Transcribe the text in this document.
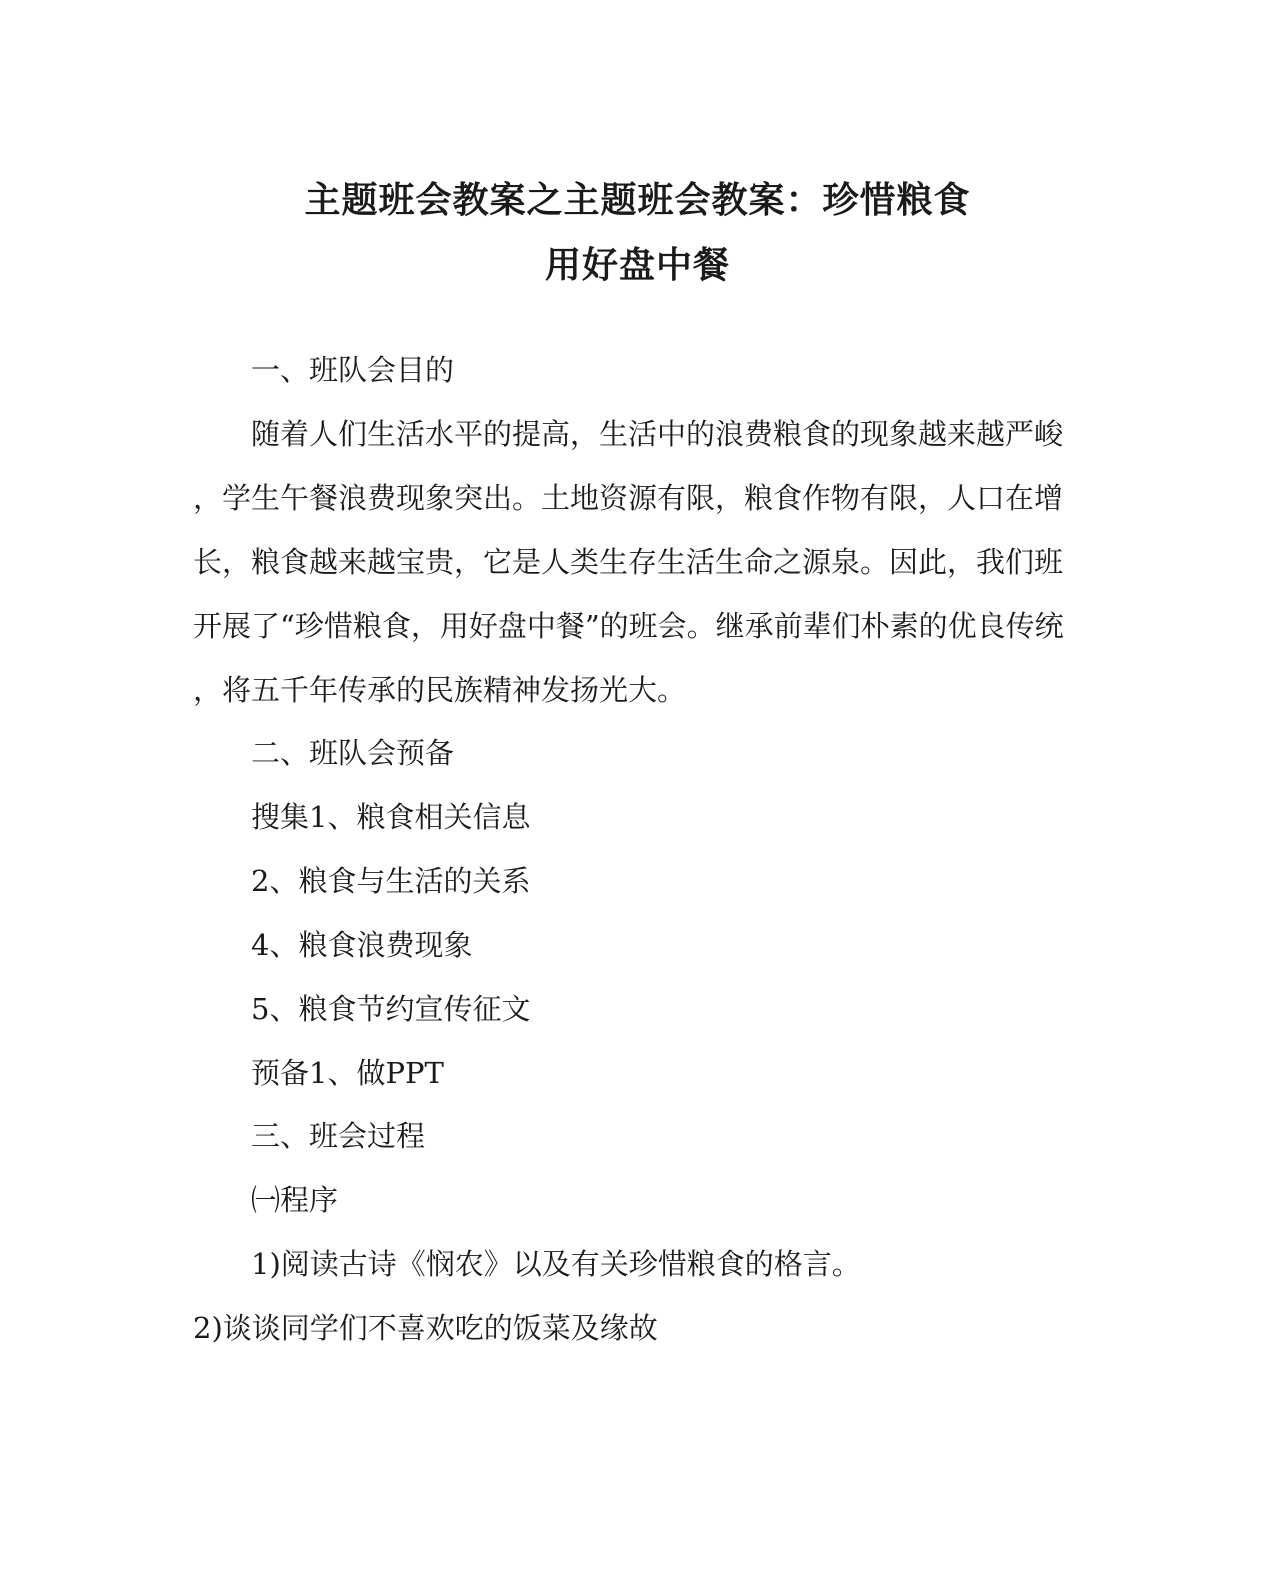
主题班会教案之主题班会教案：珍惜粮食
用好盘中餐
一、班队会目的
随着人们生活水平的提高，生活中的浪费粮食的现象越来越严峻
，学生午餐浪费现象突出。土地资源有限，粮食作物有限，人口在增
长，粮食越来越宝贵，它是人类生存生活生命之源泉。因此，我们班
开展了“珍惜粮食，用好盘中餐”的班会。继承前辈们朴素的优良传统
，将五千年传承的民族精神发扬光大。
二、班队会预备
搜集1、粮食相关信息
2、粮食与生活的关系
4、粮食浪费现象
5、粮食节约宣传征文
预备1、做PPT
三、班会过程
㈠程序
1)阅读古诗《悯农》以及有关珍惜粮食的格言。
2)谈谈同学们不喜欢吃的饭菜及缘故
